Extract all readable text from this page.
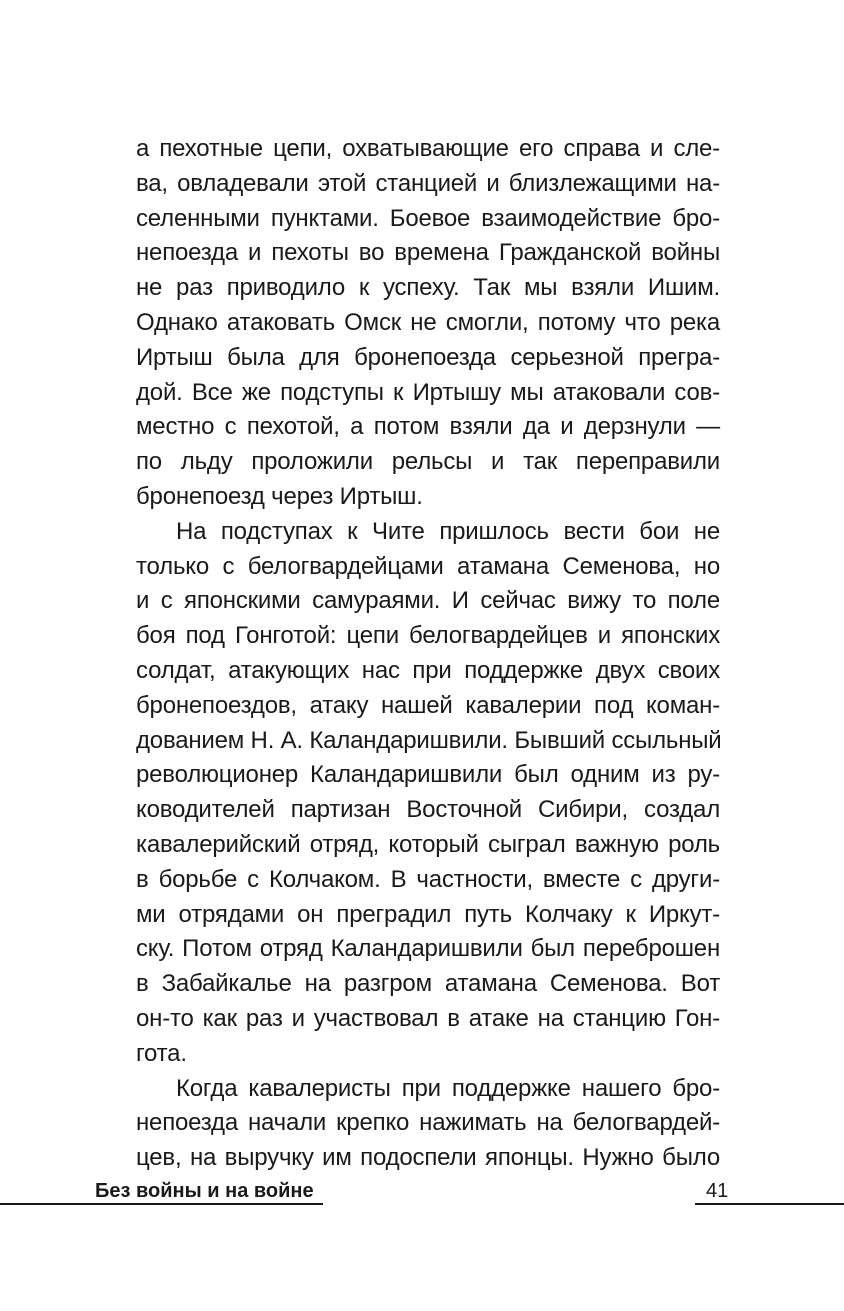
а пехотные цепи, охватывающие его справа и сле-
ва, овладевали этой станцией и близлежащими на-
селенными пунктами. Боевое взаимодействие бро-
непоезда и пехоты во времена Гражданской войны
не раз приводило к успеху. Так мы взяли Ишим.
Однако атаковать Омск не смогли, потому что река
Иртыш была для бронепоезда серьезной прегра-
дой. Все же подступы к Иртышу мы атаковали сов-
местно с пехотой, а потом взяли да и дерзнули —
по льду проложили рельсы и так переправили
бронепоезд через Иртыш.
На подступах к Чите пришлось вести бои не
только с белогвардейцами атамана Семенова, но
и с японскими самураями. И сейчас вижу то поле
боя под Гонготой: цепи белогвардейцев и японских
солдат, атакующих нас при поддержке двух своих
бронепоездов, атаку нашей кавалерии под коман-
дованием Н. А. Каландаришвили. Бывший ссыльный
революционер Каландаришвили был одним из ру-
ководителей партизан Восточной Сибири, создал
кавалерийский отряд, который сыграл важную роль
в борьбе с Колчаком. В частности, вместе с други-
ми отрядами он преградил путь Колчаку к Иркут-
ску. Потом отряд Каландаришвили был переброшен
в Забайкалье на разгром атамана Семенова. Вот
он-то как раз и участвовал в атаке на станцию Гон-
гота.
Когда кавалеристы при поддержке нашего бро-
непоезда начали крепко нажимать на белогвардей-
цев, на выручку им подоспели японцы. Нужно было
Без войны и на войне	41
